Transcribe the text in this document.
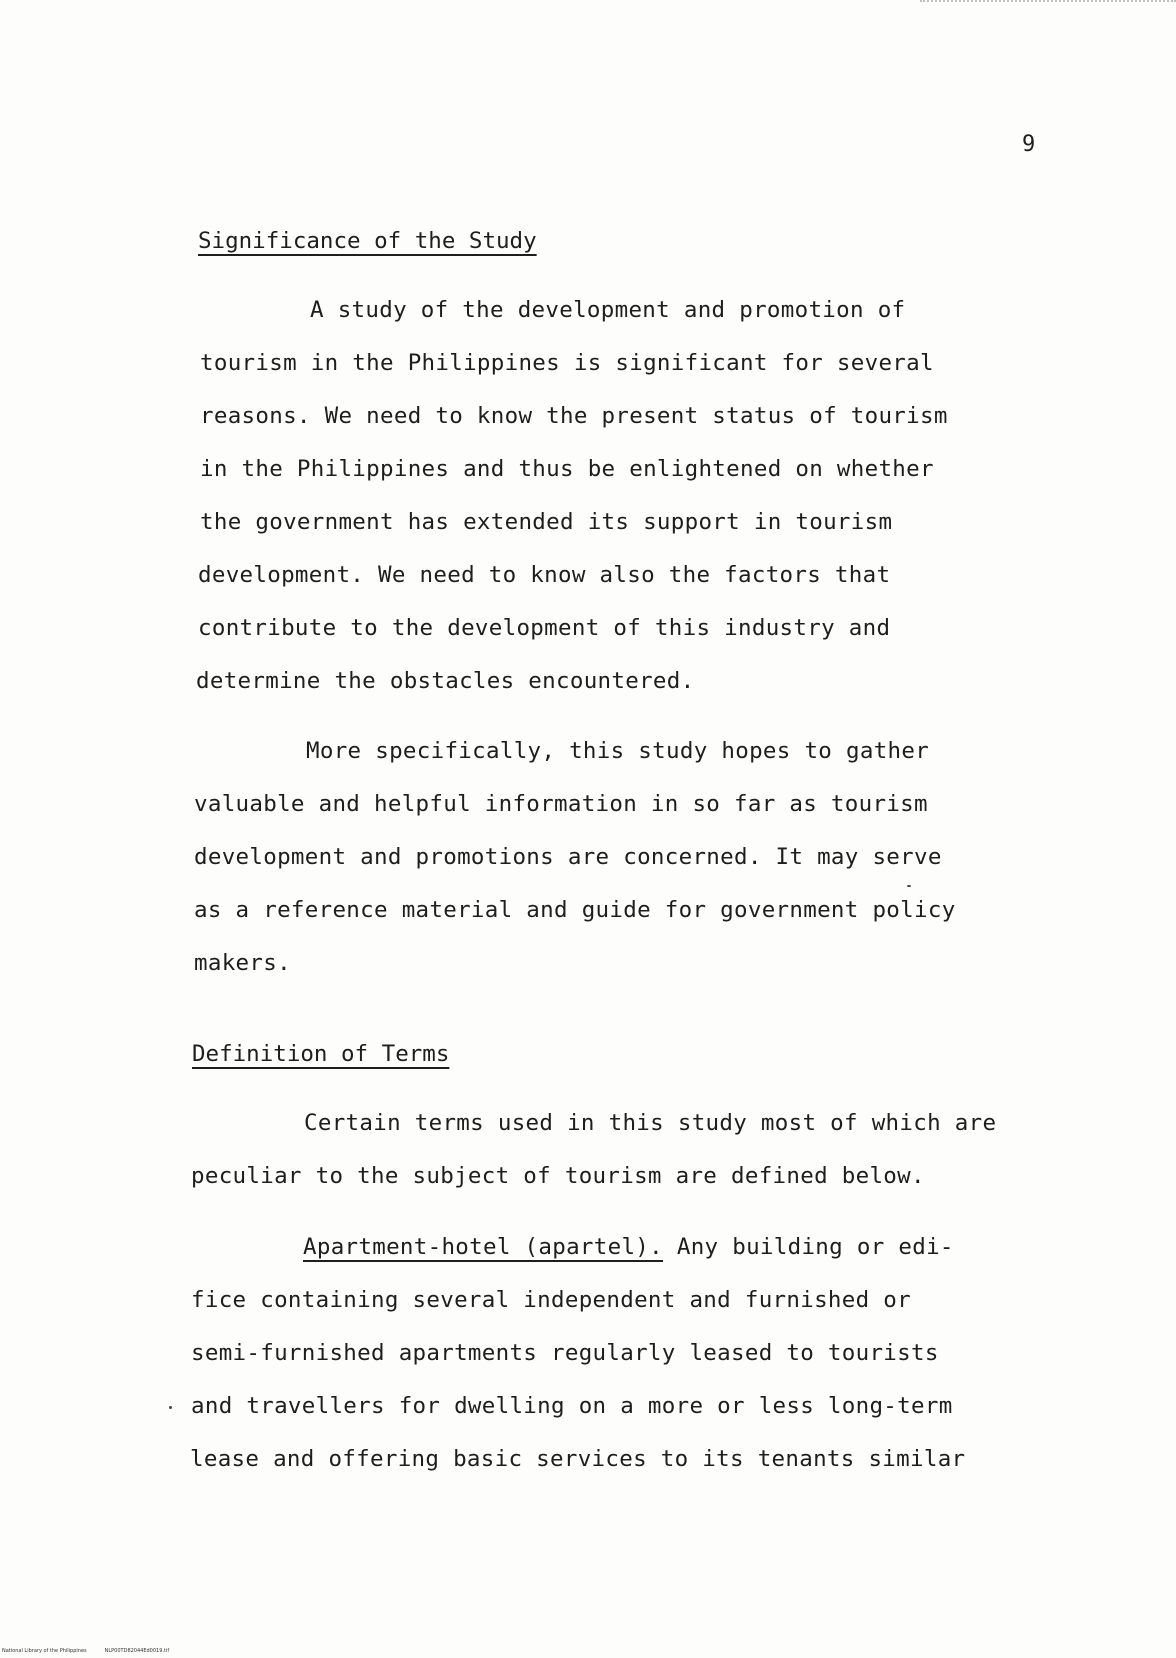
9
Significance of the Study
A study of the development and promotion of
tourism in the Philippines is significant for several
reasons. We need to know the present status of tourism
in the Philippines and thus be enlightened on whether
the government has extended its support in tourism
development. We need to know also the factors that
contribute to the development of this industry and
determine the obstacles encountered.
More specifically, this study hopes to gather
valuable and helpful information in so far as tourism
development and promotions are concerned. It may serve
as a reference material and guide for government policy
makers.
Definition of Terms
Certain terms used in this study most of which are
peculiar to the subject of tourism are defined below.
Apartment-hotel (apartel). Any building or edi-
fice containing several independent and furnished or
semi-furnished apartments regularly leased to tourists
and travellers for dwelling on a more or less long-term
lease and offering basic services to its tenants similar
National Library of the Philippines	NLP00TD82044Ed0019.tif
